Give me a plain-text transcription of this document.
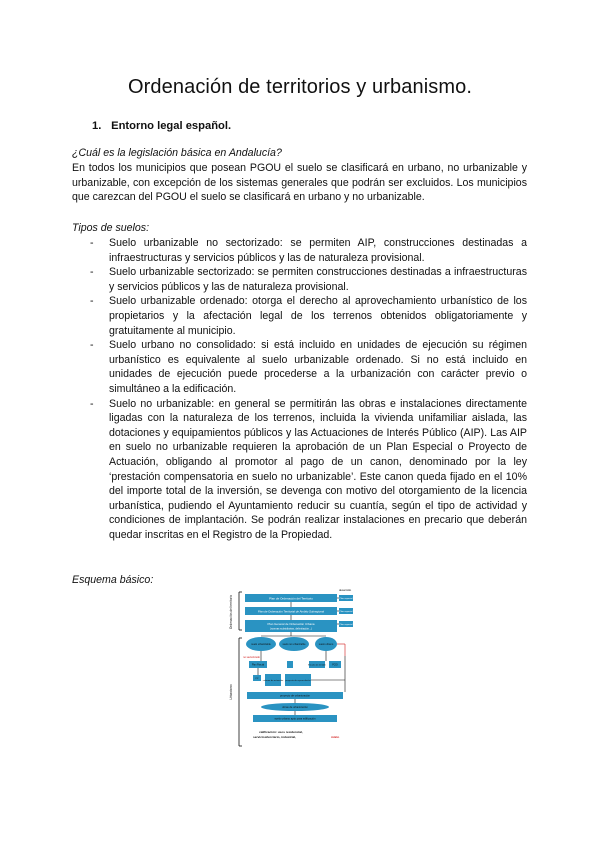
Ordenación de territorios y urbanismo.
1. Entorno legal español.
¿Cuál es la legislación básica en Andalucía?
En todos los municipios que posean PGOU el suelo se clasificará en urbano, no urbanizable y urbanizable, con excepción de los sistemas generales que podrán ser excluidos. Los municipios que carezcan del PGOU el suelo se clasificará en urbano y no urbanizable.
Tipos de suelos:
- Suelo urbanizable no sectorizado: se permiten AIP, construcciones destinadas a infraestructuras y servicios públicos y las de naturaleza provisional.
- Suelo urbanizable sectorizado: se permiten construcciones destinadas a infraestructuras y servicios públicos y las de naturaleza provisional.
- Suelo urbanizable ordenado: otorga el derecho al aprovechamiento urbanístico de los propietarios y la afectación legal de los terrenos obtenidos obligatoriamente y gratuitamente al municipio.
- Suelo urbano no consolidado: si está incluido en unidades de ejecución su régimen urbanístico es equivalente al suelo urbanizable ordenado. Si no está incluido en unidades de ejecución puede procederse a la urbanización con carácter previo o simultáneo a la edificación.
- Suelo no urbanizable: en general se permitirán las obras e instalaciones directamente ligadas con la naturaleza de los terrenos, incluida la vivienda unifamiliar aislada, las dotaciones y equipamientos públicos y las Actuaciones de Interés Público (AIP). Las AIP en suelo no urbanizable requieren la aprobación de un Plan Especial o Proyecto de Actuación, obligando al promotor al pago de un canon, denominado por la ley ‘prestación compensatoria en suelo no urbanizable’. Este canon queda fijado en el 10% del importe total de la inversión, se devenga con motivo del otorgamiento de la licencia urbanística, pudiendo el Ayuntamiento reducir su cuantía, según el tipo de actividad y condiciones de implantación. Se podrán realizar instalaciones en precario que deberán quedar inscritas en el Registro de la Propiedad.
Esquema básico:
Ordenación del territorio
Urbanismo
Plan de Ordenación del Territorio
Plan de Ordenación Territorial de Ámbito Subregional
Plan General de Ordenación Urbana
(normas subsidiarias, delimitación...)
desarrollo
Plan especial
Plan especial
Plan especial
suelo urbanizable	suelo no urbanizable	suelo urbano
no sectorizado
Plan Parcial	Estudio de Detalle	PCOI
sistema de actuación proyecto de reparcelación
PP
proyecto de urbanización
obras de urbanización
suelo urbano apto para edificación
calificación: usos residencial,
servicios/terciario, industrial,	mixto
